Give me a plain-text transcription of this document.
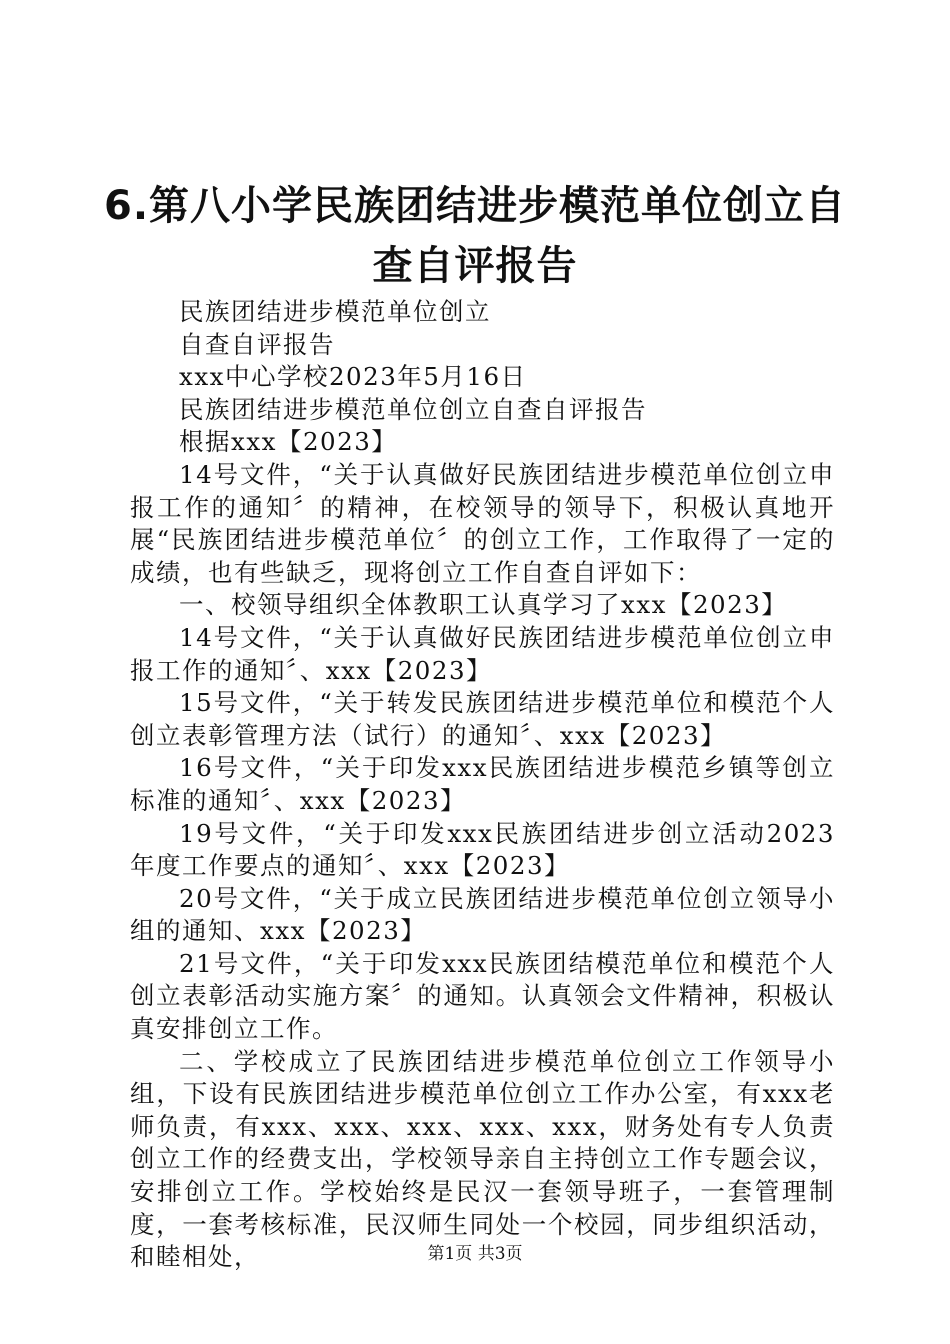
6.第八小学民族团结进步模范单位创立自查自评报告

民族团结进步模范单位创立

自查自评报告

xxx中心学校2023年5月16日

民族团结进步模范单位创立自查自评报告

根据xxx【2023】

14号文件，“关于认真做好民族团结进步模范单位创立申报工作的通知〞的精神，在校领导的领导下，积极认真地开展“民族团结进步模范单位〞的创立工作，工作取得了一定的成绩，也有些缺乏，现将创立工作自查自评如下：

一、校领导组织全体教职工认真学习了xxx【2023】

14号文件，“关于认真做好民族团结进步模范单位创立申报工作的通知〞、xxx【2023】

15号文件，“关于转发民族团结进步模范单位和模范个人创立表彰管理方法（试行）的通知〞、xxx【2023】

16号文件，“关于印发xxx民族团结进步模范乡镇等创立标准的通知〞、xxx【2023】

19号文件，“关于印发xxx民族团结进步创立活动2023年度工作要点的通知〞、xxx【2023】

20号文件，“关于成立民族团结进步模范单位创立领导小组的通知、xxx【2023】

21号文件，“关于印发xxx民族团结模范单位和模范个人创立表彰活动实施方案〞的通知。认真领会文件精神，积极认真安排创立工作。

二、学校成立了民族团结进步模范单位创立工作领导小组，下设有民族团结进步模范单位创立工作办公室，有xxx老师负责，有xxx、xxx、xxx、xxx、xxx，财务处有专人负责创立工作的经费支出，学校领导亲自主持创立工作专题会议，安排创立工作。学校始终是民汉一套领导班子，一套管理制度，一套考核标准，民汉师生同处一个校园，同步组织活动，和睦相处，	第1页 共3页
